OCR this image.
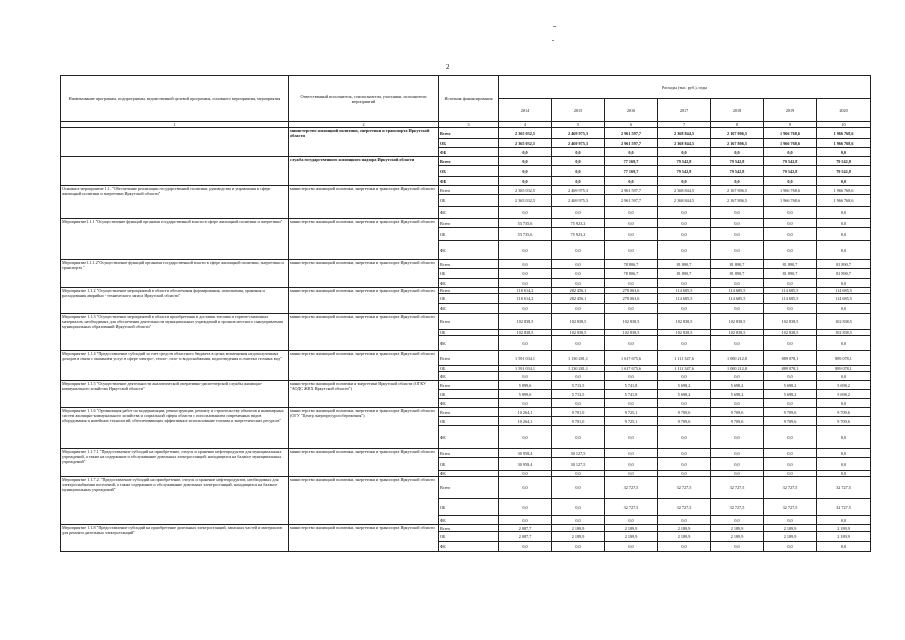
2
Наименование программы, подпрограммы, ведомственной целевой программы, основного мероприятия, мероприятия	Ответственный исполнитель, соисполнители, участники, исполнители мероприятий	Источник финансирования	Расходы (тыс. руб.), годы						
			2014	2015	2016	2017	2018	2019	2020
1	2	3	4	5	6	7	8	9	10
	министерство жилищной политики, энергетики и транспорта Иркутской области	Всего	2 365 032,5	2 469 975,3	2 961 597,7	2 368 844,5	2 167 806,5	1 966 768,6	1 966 768,6
		ОБ	2 365 032,5	2 469 975,3	2 961 597,7	2 368 844,5	2 167 806,5	1 966 768,6	1 966 768,6
		ФБ	0,0	0,0	0,0	0,0	0,0	0,0	0,0
	служба государственного жилищного надзора Иркутской области	Всего	0,0	0,0	77 169,7	79 542,8	79 542,8	79 542,8	79 542,8
		ОБ	0,0	0,0	77 169,7	79 542,8	79 542,8	79 542,8	79 542,8
		ФБ	0,0	0,0	0,0	0,0	0,0	0,0	0,0
Основное мероприятие 1.1. "Обеспечение реализации государственной политики, руководства и управления в сфере жилищной политики и энергетики Иркутской области"	министерство жилищной политики, энергетики и транспорта Иркутской области	Всего	2 365 032,5	2 469 975,3	2 961 597,7	2 368 844,5	2 167 806,5	1 966 768,6	1 966 768,6
		ОБ	2 365 032,5	2 469 975,3	2 961 597,7	2 368 844,5	2 167 806,5	1 966 768,6	1 966 768,6
		ФБ	0,0	0,0	0,0	0,0	0,0	0,0	0,0
Мероприятие1.1.1 "Осуществление функций органами государственной власти в сфере жилищной политики и энергетики"	министерство жилищной политики, энергетики и транспорта Иркутской области	Всего	53 735,6	75 923,2	0,0	0,0	0,0	0,0	0,0
		ОБ	53 735,6	75 923,2	0,0	0,0	0,0	0,0	0,0
		ФБ	0,0	0,0	0,0	0,0	0,0	0,0	0,0
Мероприятие1.1.1.2"Осуществление функций органами государственной власти в сфере жилищной политики, энергетики и транспорта "	министерство жилищной политики, энергетики и транспорта Иркутской области	Всего	0,0	0,0	78 806,7	81 890,7	81 890,7	81 890,7	81 890,7
		ОБ	0,0	0,0	78 806,7	81 890,7	81 890,7	81 890,7	81 890,7
		ФБ	0,0	0,0	0,0	0,0	0,0	0,0	0,0
Мероприятие 1.1.2 "Осуществление мероприятий в области обеспечения формирования, пополнения, хранения и расходования аварийно - технического запаса Иркутской области"	министерство жилищной политики, энергетики и транспорта Иркутской области	Всего	118 614,2	282 456,1	278 063,6	114 685,5	114 685,5	114 685,5	114 685,5
		ОБ	118 614,2	282 456,1	278 063,6	114 685,5	114 685,5	114 685,5	114 685,5
		ФБ	0,0	0,0	0,0	0,0	0,0	0,0	0,0
Мероприятие 1.1.3 "Осуществление мероприятий в области приобретения и доставки топлива и горюче-смазочных материалов, необходимых для обеспечения деятельности муниципальных учреждений и органов местного самоуправления муниципальных образований Иркутской области"	министерство жилищной политики, энергетики и транспорта Иркутской области	Всего	102 838,5	102 838,5	102 838,5	102 838,5	102 838,5	102 838,5	102 838,5
		ОБ	102 838,5	102 838,5	102 838,5	102 838,5	102 838,5	102 838,5	102 838,5
		ФБ	0,0	0,0	0,0	0,0	0,0	0,0	0,0
Мероприятие 1.1.4 "Предоставление субсидий за счет средств областного бюджета в целях возмещения недополученных доходов в связи с оказанием услуг в сфере электро-, тепло-, газо- и водоснабжения, водоотведения и очистки сточных вод"	министерство жилищной политики, энергетики и транспорта Иркутской области	Всего	1 591 034,1	1 130 281,1	1 617 675,6	1 111 347,6	1 000 212,8	889 078,1	889 078,1
		ОБ	1 591 034,1	1 130 281,1	1 617 675,6	1 111 347,6	1 000 212,8	889 078,1	889 078,1
		ФБ	0,0	0,0	0,0	0,0	0,0	0,0	0,0
Мероприятие 1.1.5 "Осуществление деятельности аналитической оперативно-диспетчерской службы жилищно-коммунального хозяйства Иркутской области"	министерство жилищной политики и энергетики Иркутской области (ОГКУ "АОДС ЖКХ Иркутской области")	Всего	5 899,6	5 713,5	5 741,8	5 698,2	5 698,2	5 698,2	5 698,2
		ОБ	5 899,6	5 713,5	5 741,8	5 698,2	5 698,2	5 698,2	5 698,2
		ФБ	0,0	0,0	0,0	0,0	0,0	0,0	0,0
Мероприятие 1.1.6 "Организация работ по модернизации, реконструкции, ремонту и строительству объектов и инженерных систем жилищно-коммунального хозяйства и социальной сферы области с использованием современных видов оборудования и новейших технологий, обеспечивающих эффективное использование топлива и энергетических ресурсов"	министерство жилищной политики, энергетики и транспорта Иркутской области (ОГУ "Центр энергоресурсосбережения")	Всего	10 264,1	9 701,0	9 725,1	9 709,6	9 709,6	9 709,6	9 709,6
		ОБ	10 264,1	9 701,0	9 725,1	9 709,6	9 709,6	9 709,6	9 709,6
		ФБ	0,0	0,0	0,0	0,0	0,0	0,0	0,0
Мероприятие 1.1.7.1 "Предоставление субсидий на приобретение, отпуск и хранение нефтепродуктов для муниципальных учреждений, а также на содержание и обслуживание дизельных электростанций, находящихся на балансе муниципальных учреждений"	министерство жилищной политики, энергетики и транспорта Иркутской области	Всего	30 958,4	30 127,5	0,0	0,0	0,0	0,0	0,0
		ОБ	30 958,4	30 127,5	0,0	0,0	0,0	0,0	0,0
		ФБ	0,0	0,0	0,0	0,0	0,0	0,0	0,0
Мероприятие 1.1.7.2. "Предоставление субсидий на приобретение, отпуск и хранение нефтепродуктов, необходимых для электроснабжения поселений, а также содержание и обслуживание дизельных электростанций, находящихся на балансе муниципальных учреждений"	министерство жилищной политики, энергетики и транспорта Иркутской области	Всего	0,0	0,0	32 727,5	32 727,5	32 727,5	32 727,5	32 727,5
		ОБ	0,0	0,0	32 727,5	32 727,5	32 727,5	32 727,5	32 727,5
		ФБ	0,0	0,0	0,0	0,0	0,0	0,0	0,0
Мероприятие 1.1.8 "Предоставление субсидий на приобретение дизельных электростанций, запасных частей и материалов для ремонта дизельных электростанций"	министерство жилищной политики, энергетики и транспорта Иркутской области	Всего	2 087,7	2 189,9	2 189,9	2 189,9	2 189,9	2 189,9	2 189,9
		ОБ	2 087,7	2 189,9	2 189,9	2 189,9	2 189,9	2 189,9	2 189,9
		ФБ	0,0	0,0	0,0	0,0	0,0	0,0	0,0
